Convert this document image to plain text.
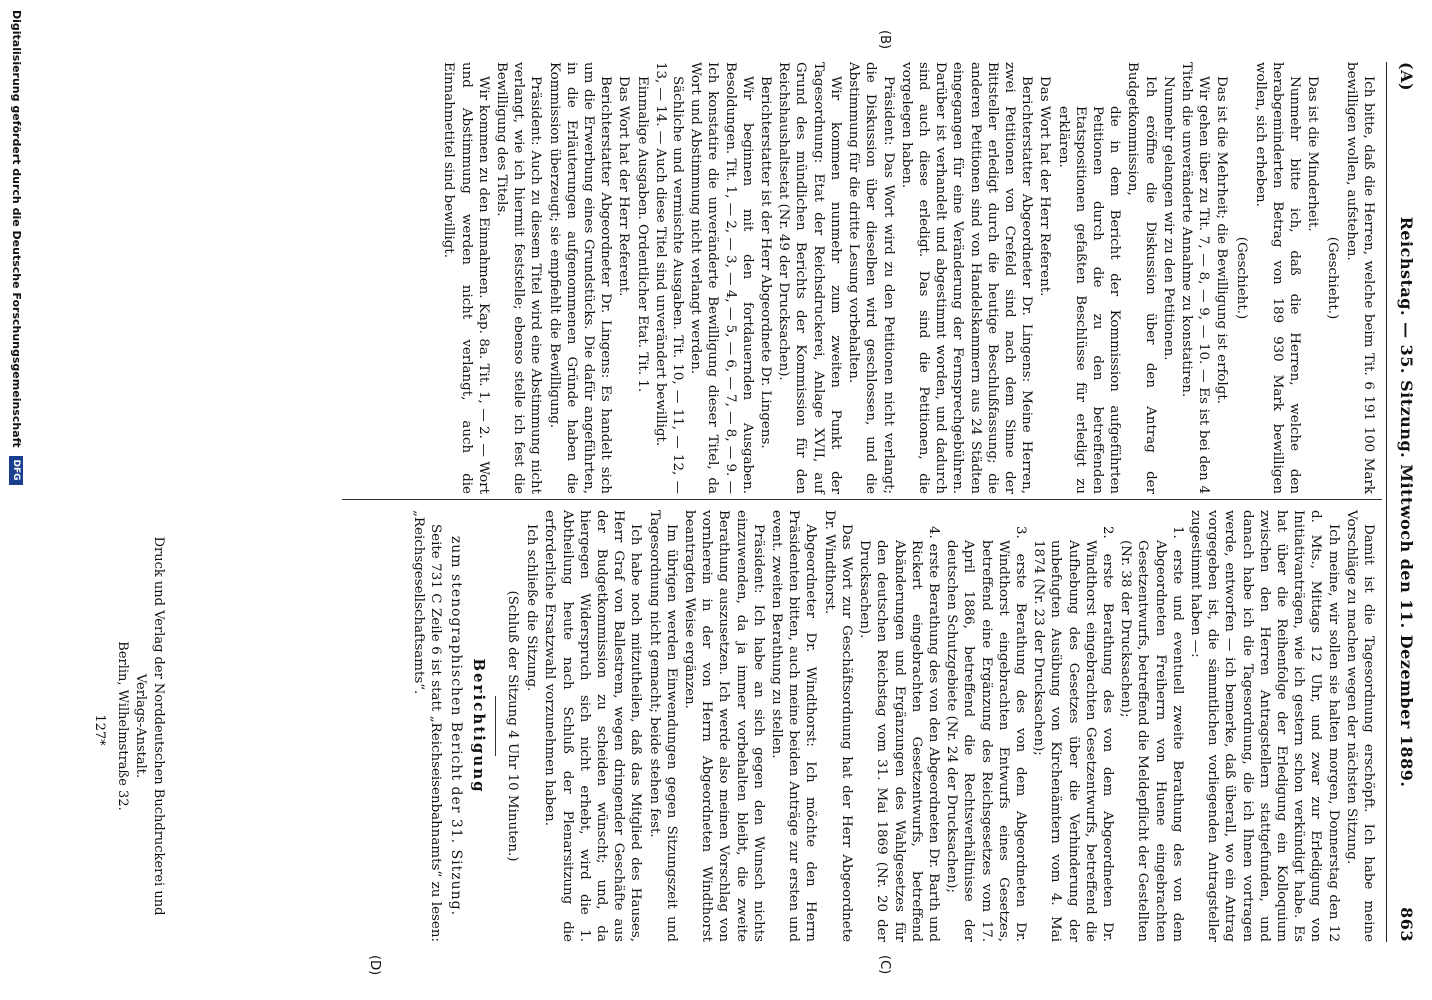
(A)
Reichstag. — 35. Sitzung. Mittwoch den 11. Dezember 1889.
863
(B)
(C)
(D)

Ich bitte, daß die Herren, welche beim Tit. 6 191 100 Mark bewilligen wollen, aufstehen.

(Geschieht.)

Das ist die Minderheit.

Nunmehr bitte ich, daß die Herren, welche den herabgeminderten Betrag von 189 930 Mark bewilligen wollen, sich erheben.

(Geschieht.)

Das ist die Mehrheit; die Bewilligung ist erfolgt.

Wir gehen über zu Tit. 7, — 8, — 9, — 10. — Es ist bei den 4 Titeln die unveränderte Annahme zu konstatiren.

Nunmehr gelangen wir zu den Petitionen.

Ich eröffne die Diskussion über den Antrag der Budgetkommission,

die in dem Bericht der Kommission aufgeführten Petitionen durch die zu den betreffenden Etatspositionen gefaßten Beschlüsse für erledigt zu erklären.

Das Wort hat der Herr Referent.

Berichterstatter Abgeordneter Dr. Lingens: Meine Herren, zwei Petitionen von Crefeld sind nach dem Sinne der Bittsteller erledigt durch die heutige Beschlußfassung; die anderen Petitionen sind von Handelskammern aus 24 Städten eingegangen für eine Veränderung der Fernsprechgebühren. Darüber ist verhandelt und abgestimmt worden, und dadurch sind auch diese erledigt. Das sind die Petitionen, die vorgelegen haben.

Präsident: Das Wort wird zu den Petitionen nicht verlangt; die Diskussion über dieselben wird geschlossen, und die Abstimmung für die dritte Lesung vorbehalten.

Wir kommen nunmehr zum zweiten Punkt der Tagesordnung: Etat der Reichsdruckerei, Anlage XVII, auf Grund des mündlichen Berichts der Kommission für den Reichshaushaltsetat (Nr. 49 der Drucksachen).

Berichterstatter ist der Herr Abgeordnete Dr. Lingens.

Wir beginnen mit den fortdauernden Ausgaben. Besoldungen. Tit. 1, — 2, — 3, — 4, — 5, — 6, — 7, — 8, — 9. — Ich konstatire die unveränderte Bewilligung dieser Titel, da Wort und Abstimmung nicht verlangt werden.

Sächliche und vermischte Ausgaben. Tit. 10, — 11, — 12, — 13, — 14. — Auch diese Titel sind unverändert bewilligt.

Einmalige Ausgaben. Ordentlicher Etat. Tit. 1.

Das Wort hat der Herr Referent.

Berichterstatter Abgeordneter Dr. Lingens: Es handelt sich um die Erwerbung eines Grundstücks. Die dafür angeführten, in die Erläuterungen aufgenommenen Gründe haben die Kommission überzeugt; sie empfiehlt die Bewilligung.

Präsident: Auch zu diesem Titel wird eine Abstimmung nicht verlangt, wie ich hiermit feststelle; ebenso stelle ich fest die Bewilligung des Titels.

Wir kommen zu den Einnahmen. Kap. 8a. Tit. 1, — 2. — Wort und Abstimmung werden nicht verlangt, auch die Einnahmetitel sind bewilligt.

Damit ist die Tagesordnung erschöpft. Ich habe meine Vorschläge zu machen wegen der nächsten Sitzung.

Ich meine, wir sollen sie halten morgen, Donnerstag den 12 d. Mts., Mittags 12 Uhr, und zwar zur Erledigung von Initiativanträgen, wie ich gestern schon verkündigt habe. Es hat über die Reihenfolge der Erledigung ein Kolloquium zwischen den Herren Antragstellern stattgefunden, und danach habe ich die Tagesordnung, die ich Ihnen vortragen werde, entworfen — ich bemerke, daß überall, wo ein Antrag vorgegeben ist, die sämmtlichen vorliegenden Antragsteller zugestimmt haben —:

1. erste und eventuell zweite Berathung des von dem Abgeordneten Freiherrn von Huene eingebrachten Gesetzentwurfs, betreffend die Meldepflicht der Gestellten (Nr. 38 der Drucksachen);

2. erste Berathung des von dem Abgeordneten Dr. Windthorst eingebrachten Gesetzentwurfs, betreffend die Aufhebung des Gesetzes über die Verhinderung der unbefugten Ausübung von Kirchenämtern vom 4. Mai 1874 (Nr. 23 der Drucksachen);

3. erste Berathung des von dem Abgeordneten Dr. Windthorst eingebrachten Entwurfs eines Gesetzes, betreffend eine Ergänzung des Reichsgesetzes vom 17. April 1886, betreffend die Rechtsverhältnisse der deutschen Schutzgebiete (Nr. 24 der Drucksachen);

4. erste Berathung des von den Abgeordneten Dr. Barth und Rickert eingebrachten Gesetzentwurfs, betreffend Abänderungen und Ergänzungen des Wahlgesetzes für den deutschen Reichstag vom 31. Mai 1869 (Nr. 20 der Drucksachen).

Das Wort zur Geschäftsordnung hat der Herr Abgeordnete Dr. Windthorst.

Abgeordneter Dr. Windthorst: Ich möchte den Herrn Präsidenten bitten, auch meine beiden Anträge zur ersten und event. zweiten Berathung zu stellen.

Präsident: Ich habe an sich gegen den Wunsch nichts einzuwenden, da ja immer vorbehalten bleibt, die zweite Berathung auszusetzen. Ich werde also meinen Vorschlag von vornherein in der von Herrn Abgeordneten Windthorst beantragten Weise ergänzen.

Im übrigen werden Einwendungen gegen Sitzungszeit und Tagesordnung nicht gemacht; beide stehen fest.

Ich habe noch mitzutheilen, daß das Mitglied des Hauses, Herr Graf von Ballestrem, wegen dringender Geschäfte aus der Budgetkommission zu scheiden wünscht; und, da hiergegen Widerspruch sich nicht erhebt, wird die 1. Abtheilung heute nach Schluß der Plenarsitzung die erforderliche Ersatzwahl vorzunehmen haben.

Ich schließe die Sitzung.

(Schluß der Sitzung 4 Uhr 10 Minuten.)

Berichtigung
zum stenographischen Bericht der 31. Sitzung.

Seite 731 C Zeile 6 ist statt „Reichseisenbahnamts“ zu lesen: „Reichsgesellschaftsamts“.

Druck und Verlag der Norddeutschen Buchdruckerei und Verlags-Anstalt.
Berlin, Wilhelmstraße 32.
127*
Digitalisierung gefördert durch die Deutsche Forschungsgemeinschaft DFG
